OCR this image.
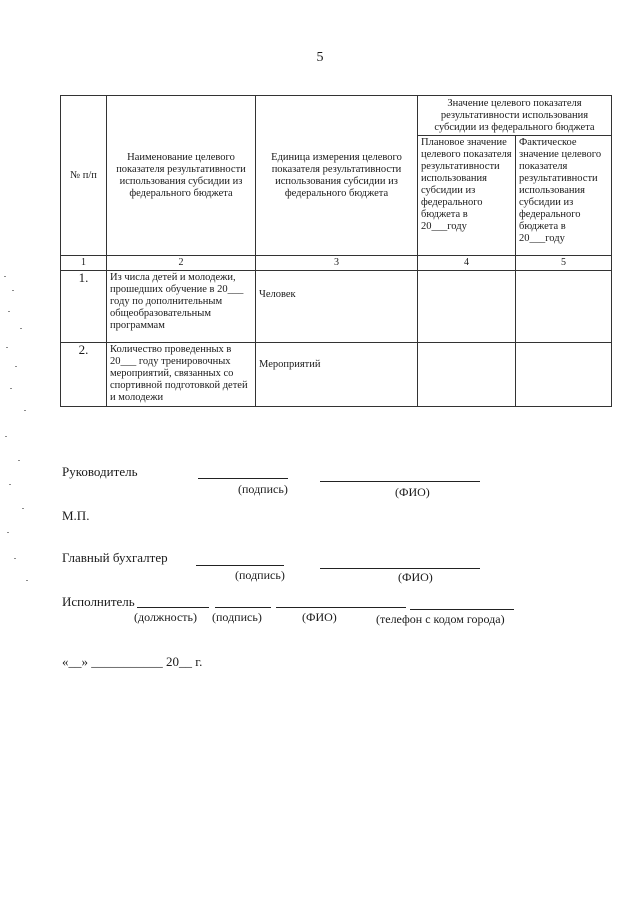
5
№ п/п	Наименование целевого показателя результативности использования субсидии из федерального бюджета	Единица измерения целевого показателя результативности использования субсидии из федерального бюджета	Значение целевого показателя результативности использования субсидии из федерального бюджета	
			Плановое значение целевого показателя результативности использования субсидии из федерального бюджета в 20___году	Фактическое значение целевого показателя результативности использования субсидии из федерального бюджета в 20___году
1	2	3	4	5
1.	Из числа детей и молодежи, прошедших обучение в 20___ году по дополнительным общеобразовательным программам	Человек		
2.	Количество проведенных в 20___ году тренировочных мероприятий, связанных со спортивной подготовкой детей и молодежи	Мероприятий		
Руководитель
(подпись)	(ФИО)
М.П.
Главный бухгалтер
(подпись)	(ФИО)
Исполнитель
(должность) (подпись)	(ФИО)	(телефон с кодом города)
«__» ___________ 20__ г.
